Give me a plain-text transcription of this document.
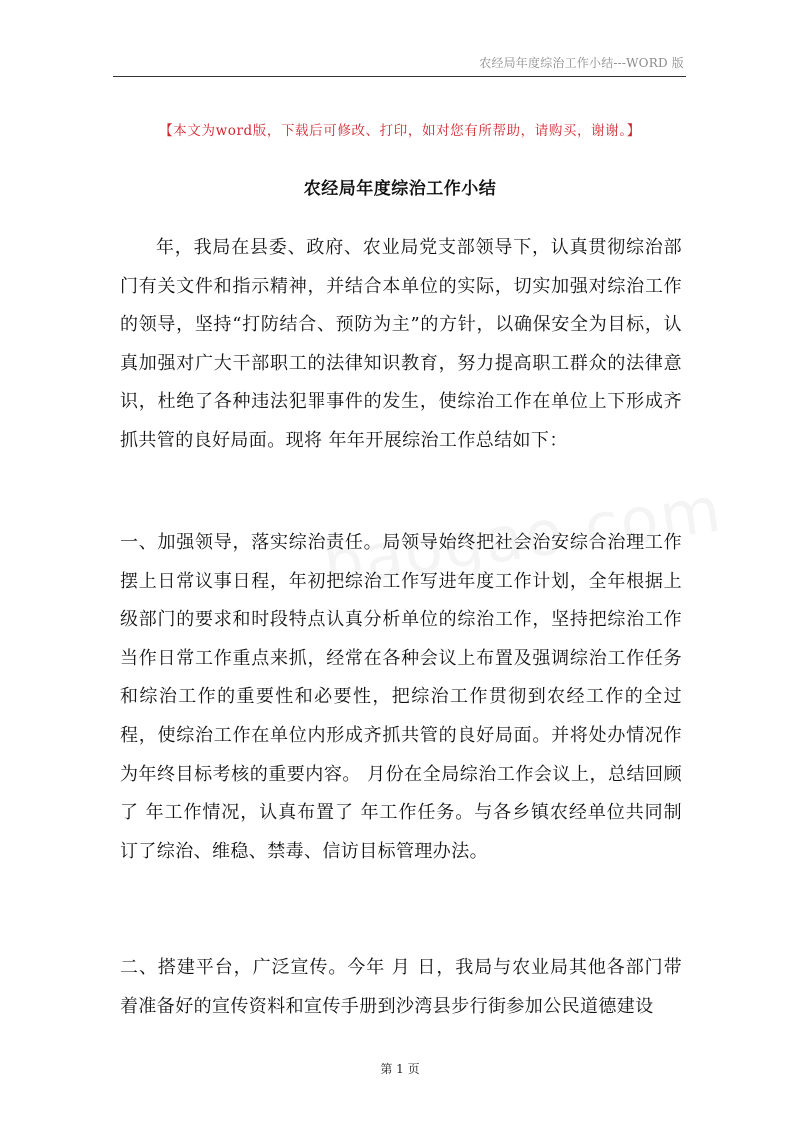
农经局年度综治工作小结---WORD 版
【本文为word版，下载后可修改、打印，如对您有所帮助，请购买，谢谢。】
农经局年度综治工作小结

年，我局在县委、政府、农业局党支部领导下，认真贯彻综治部门有关文件和指示精神，并结合本单位的实际，切实加强对综治工作的领导，坚持“打防结合、预防为主”的方针，以确保安全为目标，认真加强对广大干部职工的法律知识教育，努力提高职工群众的法律意识，杜绝了各种违法犯罪事件的发生，使综治工作在单位上下形成齐抓共管的良好局面。现将 年年开展综治工作总结如下：

一、加强领导，落实综治责任。局领导始终把社会治安综合治理工作摆上日常议事日程，年初把综治工作写进年度工作计划，全年根据上级部门的要求和时段特点认真分析单位的综治工作，坚持把综治工作当作日常工作重点来抓，经常在各种会议上布置及强调综治工作任务和综治工作的重要性和必要性，把综治工作贯彻到农经工作的全过程，使综治工作在单位内形成齐抓共管的良好局面。并将处办情况作为年终目标考核的重要内容。 月份在全局综治工作会议上，总结回顾了 年工作情况，认真布置了 年工作任务。与各乡镇农经单位共同制订了综治、维稳、禁毒、信访目标管理办法。

二、搭建平台，广泛宣传。今年 月 日，我局与农业局其他各部门带着准备好的宣传资料和宣传手册到沙湾县步行街参加公民道德建设

第 1 页
